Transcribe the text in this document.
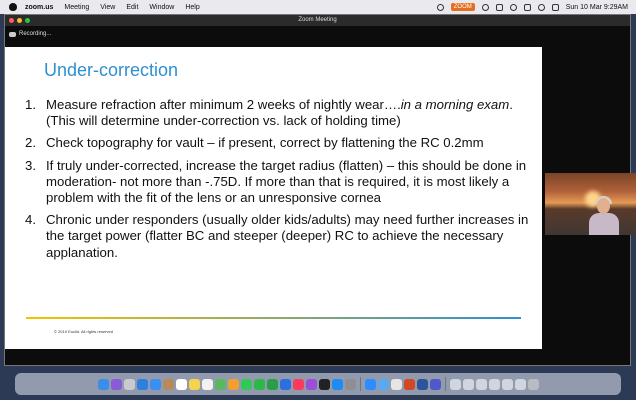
zoom.us Meeting View Edit Window Help	ZOOM	Sun 10 Mar 9:29AM
Zoom Meeting
Recording...
Under-correction
1. Measure refraction after minimum 2 weeks of nightly wear….in a morning exam. (This will determine under-correction vs. lack of holding time)
2. Check topography for vault – if present, correct by flattening the RC 0.2mm
3. If truly under-corrected, increase the target radius (flatten) – this should be done in moderation- not more than -.75D. If more than that is required, it is most likely a problem with the fit of the lens or an unresponsive cornea
4. Chronic under responders (usually older kids/adults) may need further increases in the target power (flatter BC and steeper (deeper) RC to achieve the necessary applanation.
© 2019 Euclid. All rights reserved
